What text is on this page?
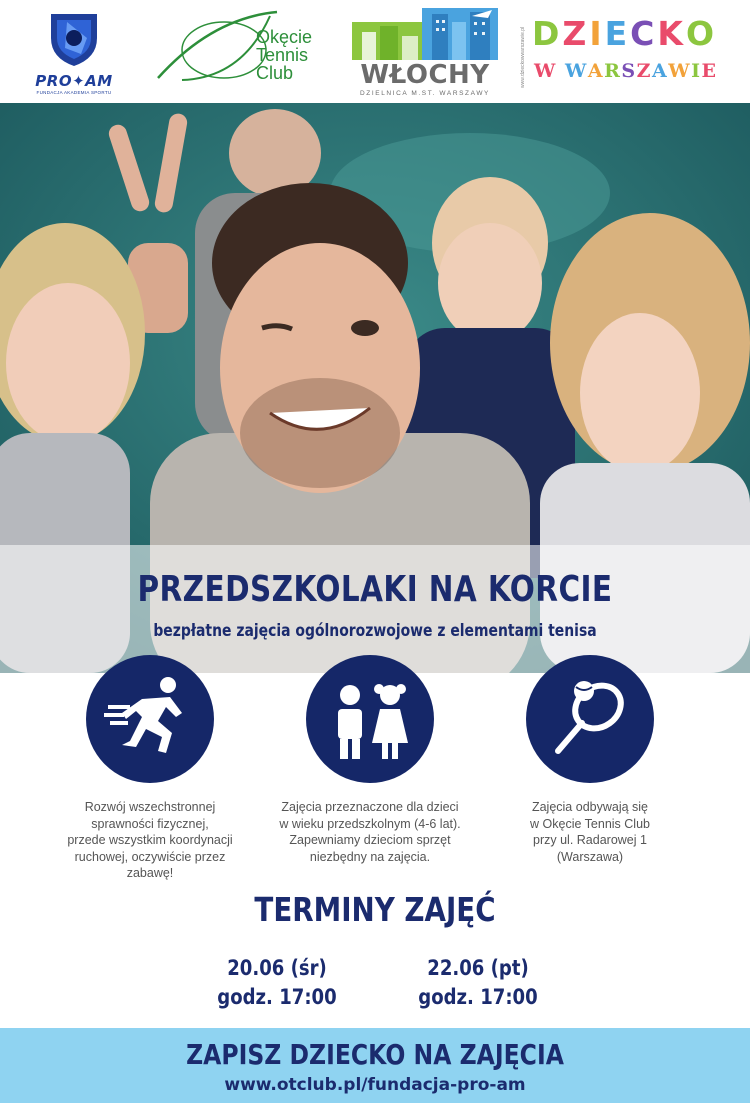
PRO✦AM
FUNDACJA AKADEMIA SPORTU
Okęcie
Tennis
Club	WŁOCHY
DZIELNICA M.ST. WARSZAWY
www.dzieckowwarszawie.pl DZIECKO
W WARSZAWIE
PRZEDSZKOLAKI NA KORCIE
bezpłatne zajęcia ogólnorozwojowe z elementami tenisa
Rozwój wszechstronnej
sprawności fizycznej,
przede wszystkim koordynacji
ruchowej, oczywiście przez
zabawę!
Zajęcia przeznaczone dla dzieci
w wieku przedszkolnym (4-6 lat).
Zapewniamy dzieciom sprzęt
niezbędny na zajęcia.
Zajęcia odbywają się
w Okęcie Tennis Club
przy ul. Radarowej 1
(Warszawa)
TERMINY ZAJĘĆ
20.06 (śr)
godz. 17:00
22.06 (pt)
godz. 17:00
ZAPISZ DZIECKO NA ZAJĘCIA
www.otclub.pl/fundacja-pro-am
